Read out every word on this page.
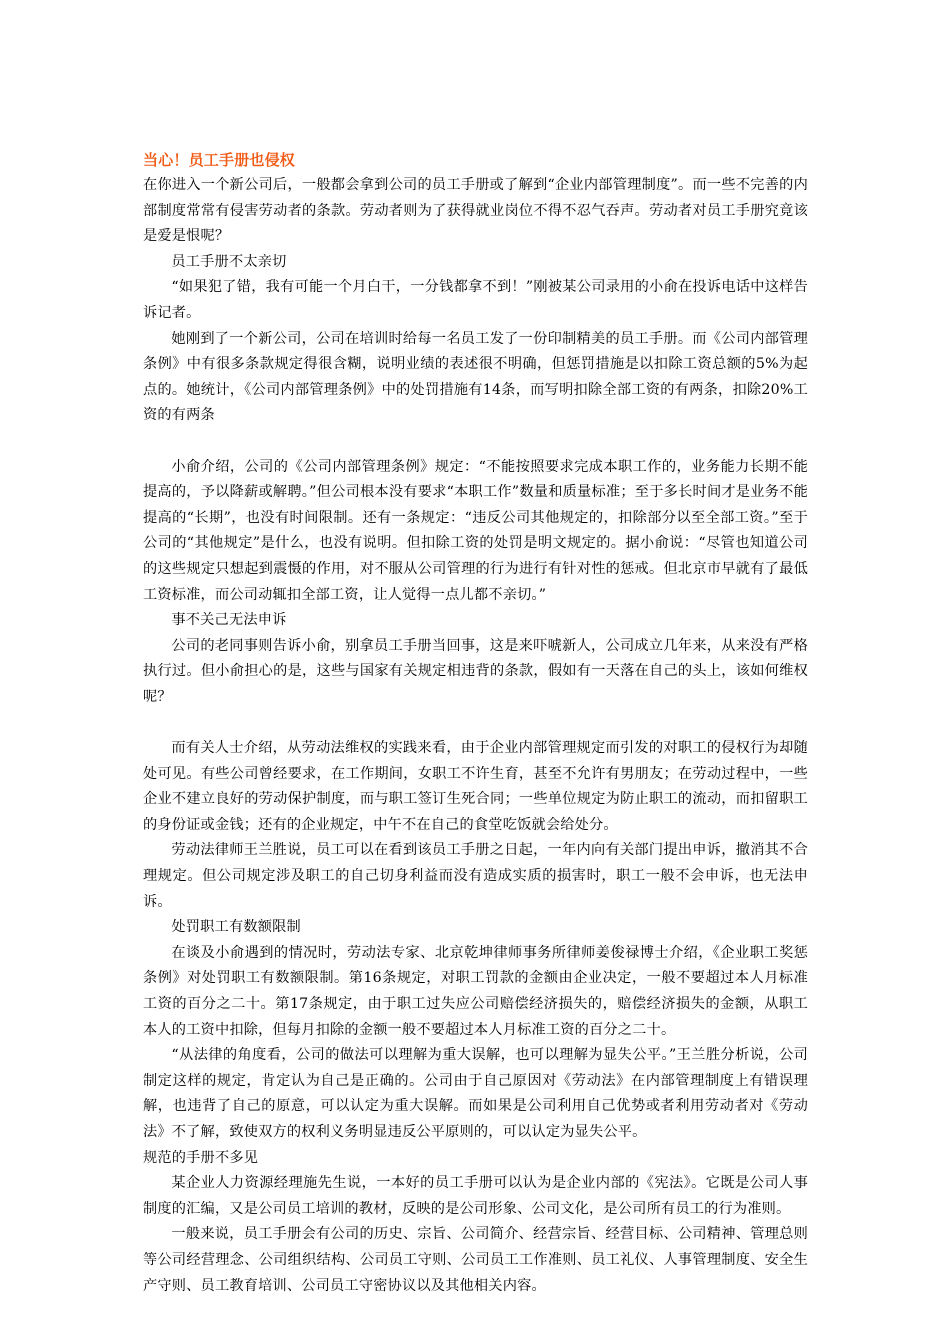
当心！员工手册也侵权

在你进入一个新公司后，一般都会拿到公司的员工手册或了解到“企业内部管理制度”。而一些不完善的内部制度常常有侵害劳动者的条款。劳动者则为了获得就业岗位不得不忍气吞声。劳动者对员工手册究竟该是爱是恨呢？

员工手册不太亲切

“如果犯了错，我有可能一个月白干，一分钱都拿不到！”刚被某公司录用的小俞在投诉电话中这样告诉记者。

她刚到了一个新公司，公司在培训时给每一名员工发了一份印制精美的员工手册。而《公司内部管理条例》中有很多条款规定得很含糊，说明业绩的表述很不明确，但惩罚措施是以扣除工资总额的5%为起点的。她统计，《公司内部管理条例》中的处罚措施有14条，而写明扣除全部工资的有两条，扣除20%工资的有两条

小俞介绍，公司的《公司内部管理条例》规定：“不能按照要求完成本职工作的，业务能力长期不能提高的，予以降薪或解聘。”但公司根本没有要求“本职工作”数量和质量标准；至于多长时间才是业务不能提高的“长期”，也没有时间限制。还有一条规定：“违反公司其他规定的，扣除部分以至全部工资。”至于公司的“其他规定”是什么，也没有说明。但扣除工资的处罚是明文规定的。据小俞说：“尽管也知道公司的这些规定只想起到震慑的作用，对不服从公司管理的行为进行有针对性的惩戒。但北京市早就有了最低工资标准，而公司动辄扣全部工资，让人觉得一点儿都不亲切。”

事不关己无法申诉

公司的老同事则告诉小俞，别拿员工手册当回事，这是来吓唬新人，公司成立几年来，从来没有严格执行过。但小俞担心的是，这些与国家有关规定相违背的条款，假如有一天落在自己的头上，该如何维权呢？

而有关人士介绍，从劳动法维权的实践来看，由于企业内部管理规定而引发的对职工的侵权行为却随处可见。有些公司曾经要求，在工作期间，女职工不许生育，甚至不允许有男朋友；在劳动过程中，一些企业不建立良好的劳动保护制度，而与职工签订生死合同；一些单位规定为防止职工的流动，而扣留职工的身份证或金钱；还有的企业规定，中午不在自己的食堂吃饭就会给处分。

劳动法律师王兰胜说，员工可以在看到该员工手册之日起，一年内向有关部门提出申诉，撤消其不合理规定。但公司规定涉及职工的自己切身利益而没有造成实质的损害时，职工一般不会申诉，也无法申诉。

处罚职工有数额限制

在谈及小俞遇到的情况时，劳动法专家、北京乾坤律师事务所律师姜俊禄博士介绍，《企业职工奖惩条例》对处罚职工有数额限制。第16条规定，对职工罚款的金额由企业决定，一般不要超过本人月标准工资的百分之二十。第17条规定，由于职工过失应公司赔偿经济损失的，赔偿经济损失的金额，从职工本人的工资中扣除，但每月扣除的金额一般不要超过本人月标准工资的百分之二十。

“从法律的角度看，公司的做法可以理解为重大误解，也可以理解为显失公平。”王兰胜分析说，公司制定这样的规定，肯定认为自己是正确的。公司由于自己原因对《劳动法》在内部管理制度上有错误理解，也违背了自己的原意，可以认定为重大误解。而如果是公司利用自己优势或者利用劳动者对《劳动法》不了解，致使双方的权利义务明显违反公平原则的，可以认定为显失公平。

规范的手册不多见

某企业人力资源经理施先生说，一本好的员工手册可以认为是企业内部的《宪法》。它既是公司人事制度的汇编，又是公司员工培训的教材，反映的是公司形象、公司文化，是公司所有员工的行为准则。

一般来说，员工手册会有公司的历史、宗旨、公司简介、经营宗旨、经营目标、公司精神、管理总则等公司经营理念、公司组织结构、公司员工守则、公司员工工作准则、员工礼仪、人事管理制度、安全生产守则、员工教育培训、公司员工守密协议以及其他相关内容。
